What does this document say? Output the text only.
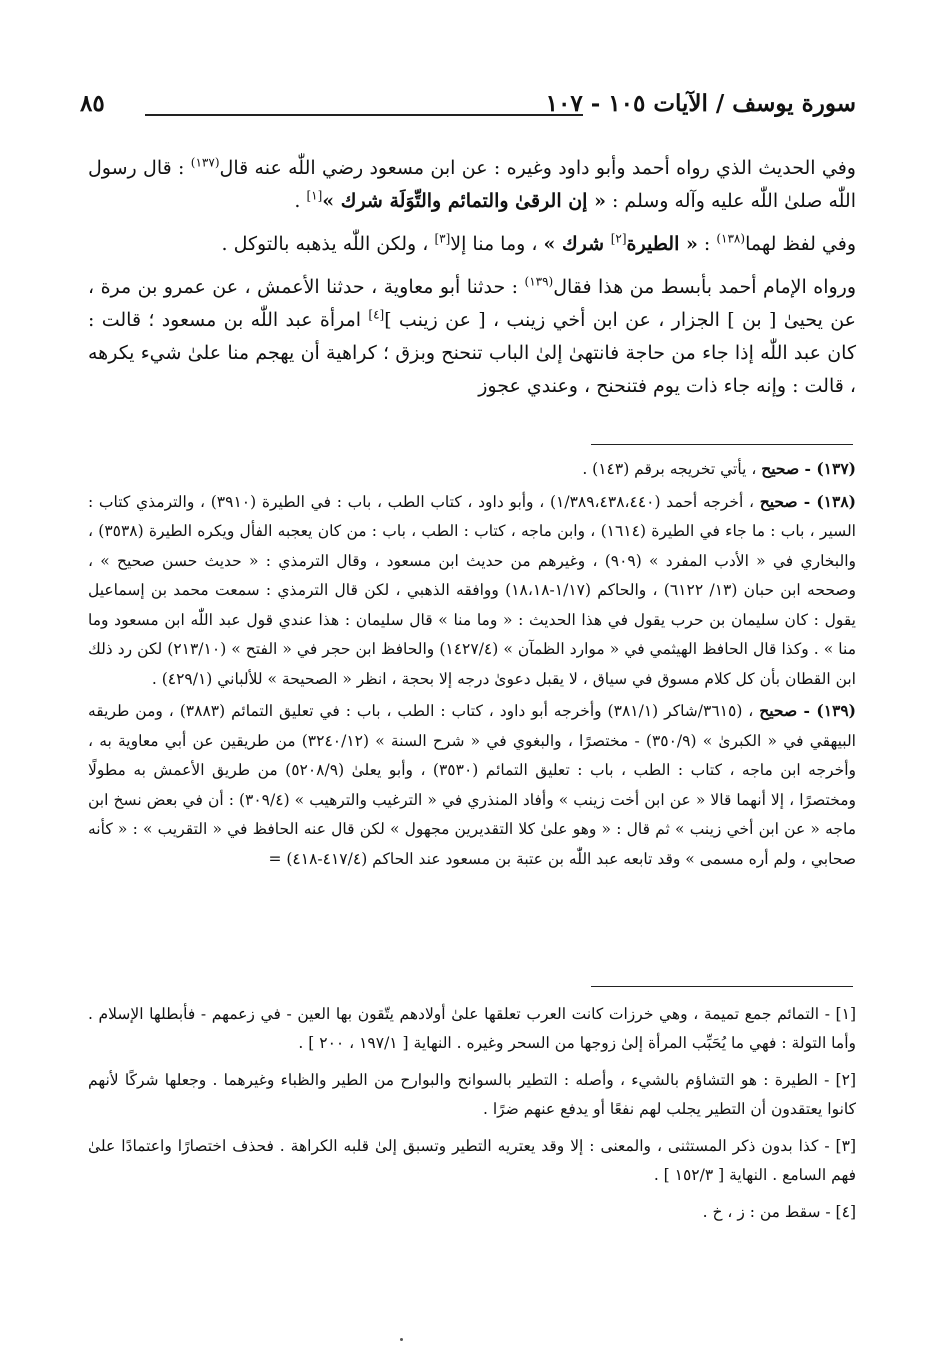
سورة يوسف / الآيات ١٠٥ - ١٠٧
٨٥

وفي الحديث الذي رواه أحمد وأبو داود وغيره : عن ابن مسعود رضي اللّٰه عنه قال$^{(١٣٧)}$ : قال رسول اللّٰه صلىٰ اللّٰه عليه وآله وسلم : « إن الرقىٰ والتمائم والتِّوَلَة شرك »[١] .

وفي لفظ لهما$^{(١٣٨)}$ : « الطيرة[٢] شرك » ، وما منا إلا[٣] ، ولكن اللّٰه يذهبه بالتوكل .

ورواه الإمام أحمد بأبسط من هذا فقال$^{(١٣٩)}$ : حدثنا أبو معاوية ، حدثنا الأعمش ، عن عمرو بن مرة ، عن يحيىٰ [ بن ] الجزار ، عن ابن أخي زينب ، [ عن زينب ][٤] امرأة عبد اللّٰه بن مسعود ؛ قالت : كان عبد اللّٰه إذا جاء من حاجة فانتهىٰ إلىٰ الباب تنحنح وبزق ؛ كراهية أن يهجم منا علىٰ شيء يكرهه ، قالت : وإنه جاء ذات يوم فتنحنح ، وعندي عجوز

(١٣٧) - صحيح ، يأتي تخريجه برقم (١٤٣) .

(١٣٨) - صحيح ، أخرجه أحمد (١/٣٨٩،٤٣٨،٤٤٠) ، وأبو داود ، كتاب الطب ، باب : في الطيرة (٣٩١٠) ، والترمذي كتاب : السير ، باب : ما جاء في الطيرة (١٦١٤) ، وابن ماجه ، كتاب : الطب ، باب : من كان يعجبه الفأل ويكره الطيرة (٣٥٣٨) ، والبخاري في « الأدب المفرد » (٩٠٩) ، وغيرهم من حديث ابن مسعود ، وقال الترمذي : « حديث حسن صحيح » ، وصححه ابن حبان (١٣/ ٦١٢٢) ، والحاكم (١/١٧-١٨،١٨) ووافقه الذهبي ، لكن قال الترمذي : سمعت محمد بن إسماعيل يقول : كان سليمان بن حرب يقول في هذا الحديث : « وما منا » قال سليمان : هذا عندي قول عبد اللّٰه ابن مسعود وما منا » . وكذا قال الحافظ الهيثمي في « موارد الظمآن » (١٤٢٧/٤) والحافظ ابن حجر في « الفتح » (٢١٣/١٠) لكن رد ذلك ابن القطان بأن كل كلام مسوق في سياق ، لا يقبل دعوىٰ درجه إلا بحجة ، انظر « الصحيحة » للألباني (٤٢٩/١) .

(١٣٩) - صحيح ، (٣٦١٥/شاكر (٣٨١/١) وأخرجه أبو داود ، كتاب : الطب ، باب : في تعليق التمائم (٣٨٨٣) ، ومن طريقه البيهقي في « الكبرىٰ » (٣٥٠/٩) - مختصرًا ، والبغوي في « شرح السنة » (٣٢٤٠/١٢) من طريقين عن أبي معاوية به ، وأخرجه ابن ماجه ، كتاب : الطب ، باب : تعليق التمائم (٣٥٣٠) ، وأبو يعلىٰ (٥٢٠٨/٩) من طريق الأعمش به مطولًا ومختصرًا ، إلا أنهما قالا « عن ابن أخت زينب » وأفاد المنذري في « الترغيب والترهيب » (٣٠٩/٤) : أن في بعض نسخ ابن ماجه « عن ابن أخي زينب » ثم قال : « وهو علىٰ كلا التقديرين مجهول » لكن قال عنه الحافظ في « التقريب » : « كأنه صحابي ، ولم أره مسمى » وقد تابعه عبد اللّٰه بن عتبة بن مسعود عند الحاكم (٤١٧/٤-٤١٨) =

[١] - التمائم جمع تميمة ، وهي خرزات كانت العرب تعلقها علىٰ أولادهم يتّقون بها العين - في زعمهم - فأبطلها الإسلام . وأما التولة : فهي ما يُحَبِّب المرأة إلىٰ زوجها من السحر وغيره . النهاية [ ١٩٧/١ ، ٢٠٠ ] .

[٢] - الطيرة : هو التشاؤم بالشيء ، وأصله : التطير بالسوانح والبوارح من الطير والظباء وغيرهما . وجعلها شركًا لأنهم كانوا يعتقدون أن التطير يجلب لهم نفعًا أو يدفع عنهم ضرًا .

[٣] - كذا بدون ذكر المستثنى ، والمعنى : إلا وقد يعتريه التطير وتسبق إلىٰ قلبه الكراهة . فحذف اختصارًا واعتمادًا علىٰ فهم السامع . النهاية [ ١٥٢/٣ ] .

[٤] - سقط من : ز ، خ .
